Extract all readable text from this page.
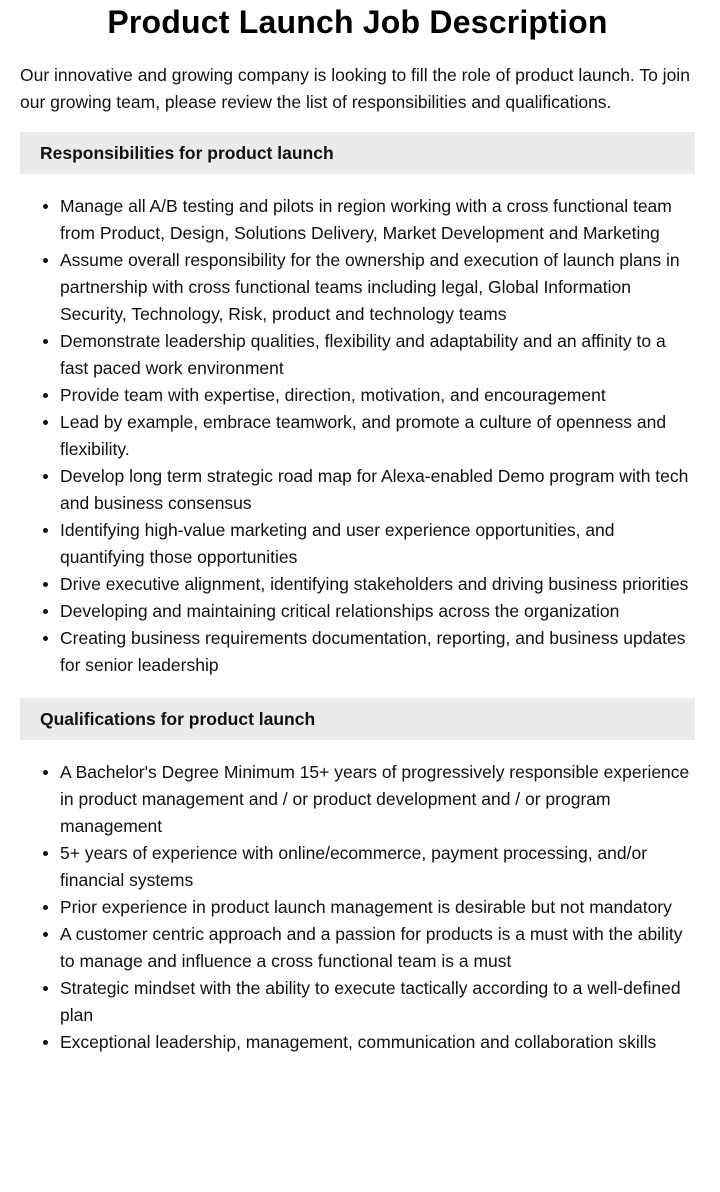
Product Launch Job Description

Our innovative and growing company is looking to fill the role of product launch. To join our growing team, please review the list of responsibilities and qualifications.

Responsibilities for product launch
Manage all A/B testing and pilots in region working with a cross functional team from Product, Design, Solutions Delivery, Market Development and Marketing
Assume overall responsibility for the ownership and execution of launch plans in partnership with cross functional teams including legal, Global Information Security, Technology, Risk, product and technology teams
Demonstrate leadership qualities, flexibility and adaptability and an affinity to a fast paced work environment
Provide team with expertise, direction, motivation, and encouragement
Lead by example, embrace teamwork, and promote a culture of openness and flexibility.
Develop long term strategic road map for Alexa-enabled Demo program with tech and business consensus
Identifying high-value marketing and user experience opportunities, and quantifying those opportunities
Drive executive alignment, identifying stakeholders and driving business priorities
Developing and maintaining critical relationships across the organization
Creating business requirements documentation, reporting, and business updates for senior leadership
Qualifications for product launch
A Bachelor's Degree Minimum 15+ years of progressively responsible experience in product management and / or product development and / or program management
5+ years of experience with online/ecommerce, payment processing, and/or financial systems
Prior experience in product launch management is desirable but not mandatory
A customer centric approach and a passion for products is a must with the ability to manage and influence a cross functional team is a must
Strategic mindset with the ability to execute tactically according to a well-defined plan
Exceptional leadership, management, communication and collaboration skills
